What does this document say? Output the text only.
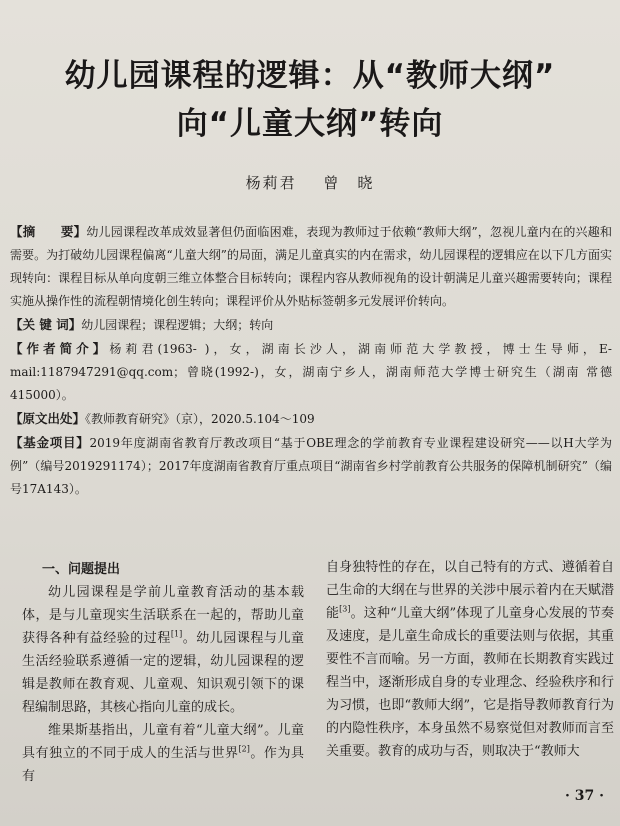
幼儿园课程的逻辑：从“教师大纲”
向“儿童大纲”转向
杨莉君 曾　晓

【摘　　要】幼儿园课程改革成效显著但仍面临困难，表现为教师过于依赖“教师大纲”，忽视儿童内在的兴趣和需要。为打破幼儿园课程偏离“儿童大纲”的局面，满足儿童真实的内在需求，幼儿园课程的逻辑应在以下几方面实现转向：课程目标从单向度朝三维立体整合目标转向；课程内容从教师视角的设计朝满足儿童兴趣需要转向；课程实施从操作性的流程朝情境化创生转向；课程评价从外贴标签朝多元发展评价转向。

【关 键 词】幼儿园课程；课程逻辑；大纲；转向

【作者简介】杨莉君(1963- )，女，湖南长沙人，湖南师范大学教授，博士生导师，E-mail:1187947291@qq.com；曾晓(1992-)，女，湖南宁乡人，湖南师范大学博士研究生（湖南 常德 415000）。

【原文出处】《教师教育研究》（京），2020.5.104～109

【基金项目】2019年度湖南省教育厅教改项目“基于OBE理念的学前教育专业课程建设研究——以H大学为例”（编号2019291174）；2017年度湖南省教育厅重点项目“湖南省乡村学前教育公共服务的保障机制研究”（编号17A143）。

一、问题提出

幼儿园课程是学前儿童教育活动的基本载体，是与儿童现实生活联系在一起的，帮助儿童获得各种有益经验的过程[1]。幼儿园课程与儿童生活经验联系遵循一定的逻辑，幼儿园课程的逻辑是教师在教育观、儿童观、知识观引领下的课程编制思路，其核心指向儿童的成长。

维果斯基指出，儿童有着“儿童大纲”。儿童具有独立的不同于成人的生活与世界[2]。作为具有

自身独特性的存在，以自己特有的方式、遵循着自己生命的大纲在与世界的关涉中展示着内在天赋潜能[3]。这种“儿童大纲”体现了儿童身心发展的节奏及速度，是儿童生命成长的重要法则与依据，其重要性不言而喻。另一方面，教师在长期教育实践过程当中，逐渐形成自身的专业理念、经验秩序和行为习惯，也即“教师大纲”，它是指导教师教育行为的内隐性秩序，本身虽然不易察觉但对教师而言至关重要。教育的成功与否，则取决于“教师大

· 37 ·
